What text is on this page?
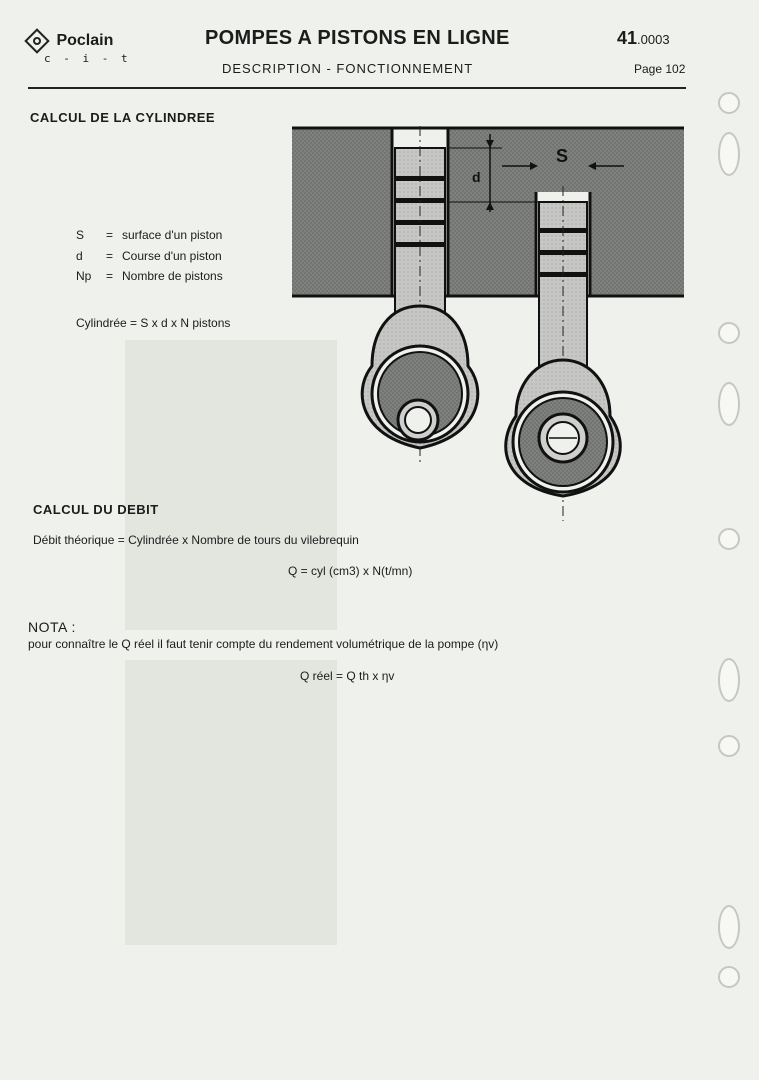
Poclain
c - i - t
POMPES A PISTONS EN LIGNE
DESCRIPTION - FONCTIONNEMENT
41.0003
Page 102
CALCUL DE LA CYLINDREE
S = surface d'un piston
d = Course d'un piston
Np = Nombre de pistons
Cylindrée = S x d x N pistons
d
S
CALCUL DU DEBIT
Débit théorique = Cylindrée x Nombre de tours du vilebrequin
Q = cyl (cm3) x N(t/mn)
NOTA :
pour connaître le Q réel il faut tenir compte du rendement volumétrique de la pompe (ηv)
Q réel = Q th x ηv
